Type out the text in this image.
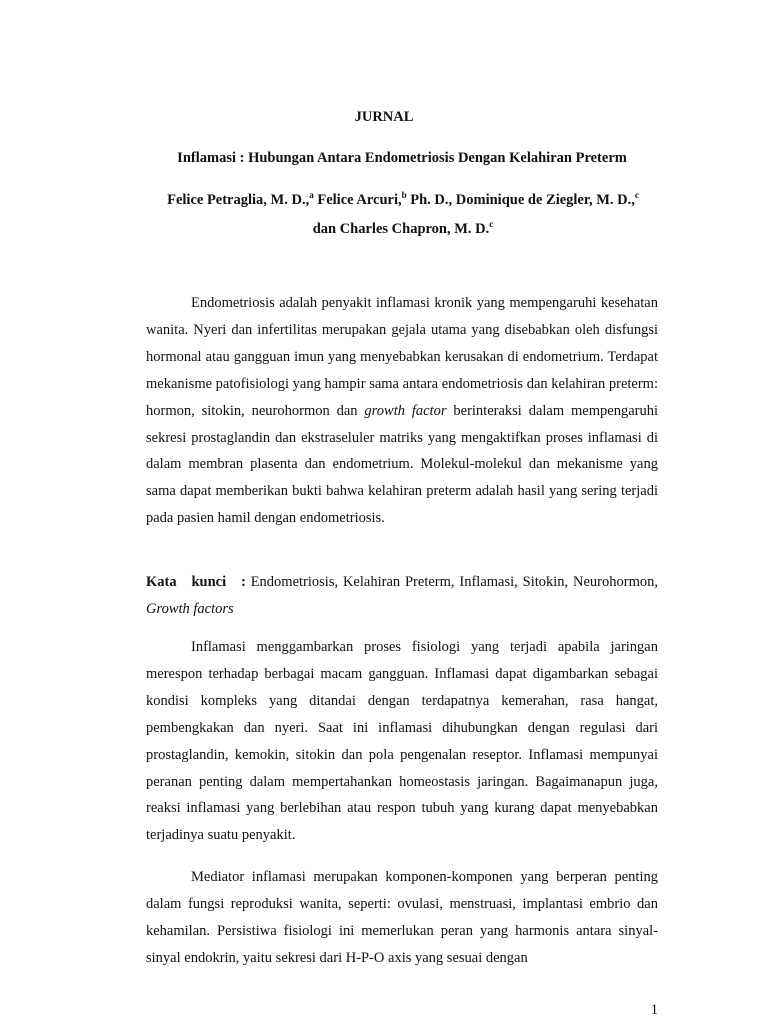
JURNAL
Inflamasi : Hubungan Antara Endometriosis Dengan Kelahiran Preterm
Felice Petraglia, M. D.,$^a$ Felice Arcuri,$^b$ Ph. D., Dominique de Ziegler, M. D.,$^c$
dan Charles Chapron, M. D.$^c$

Endometriosis adalah penyakit inflamasi kronik yang mempengaruhi kesehatan wanita. Nyeri dan infertilitas merupakan gejala utama yang disebabkan oleh disfungsi hormonal atau gangguan imun yang menyebabkan kerusakan di endometrium. Terdapat mekanisme patofisiologi yang hampir sama antara endometriosis dan kelahiran preterm: hormon, sitokin, neurohormon dan growth factor berinteraksi dalam mempengaruhi sekresi prostaglandin dan ekstraseluler matriks yang mengaktifkan proses inflamasi di dalam membran plasenta dan endometrium. Molekul-molekul dan mekanisme yang sama dapat memberikan bukti bahwa kelahiran preterm adalah hasil yang sering terjadi pada pasien hamil dengan endometriosis.

Kata kunci : Endometriosis, Kelahiran Preterm, Inflamasi, Sitokin, Neurohormon, Growth factors

Inflamasi menggambarkan proses fisiologi yang terjadi apabila jaringan merespon terhadap berbagai macam gangguan. Inflamasi dapat digambarkan sebagai kondisi kompleks yang ditandai dengan terdapatnya kemerahan, rasa hangat, pembengkakan dan nyeri. Saat ini inflamasi dihubungkan dengan regulasi dari prostaglandin, kemokin, sitokin dan pola pengenalan reseptor. Inflamasi mempunyai peranan penting dalam mempertahankan homeostasis jaringan. Bagaimanapun juga, reaksi inflamasi yang berlebihan atau respon tubuh yang kurang dapat menyebabkan terjadinya suatu penyakit.

Mediator inflamasi merupakan komponen-komponen yang berperan penting dalam fungsi reproduksi wanita, seperti: ovulasi, menstruasi, implantasi embrio dan kehamilan. Persistiwa fisiologi ini memerlukan peran yang harmonis antara sinyal-sinyal endokrin, yaitu sekresi dari H-P-O axis yang sesuai dengan

1
